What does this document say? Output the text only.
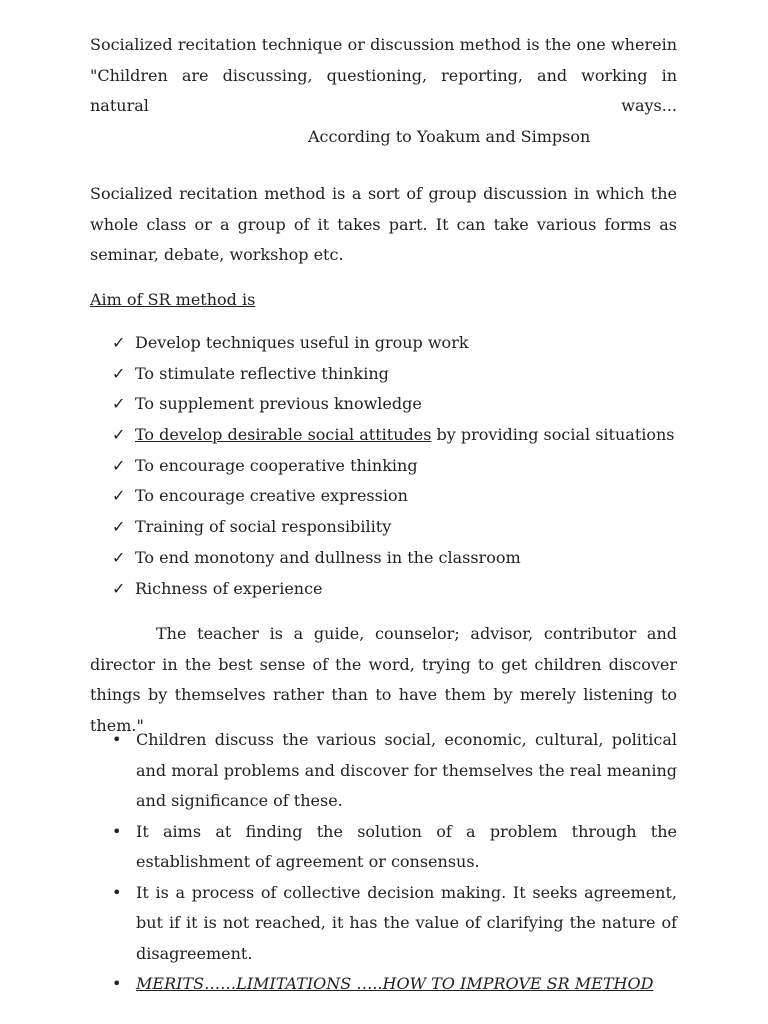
Socialized recitation technique or discussion method is the one wherein "Children are discussing, questioning, reporting, and working in natural ways... According to Yoakum and Simpson
Socialized recitation method is a sort of group discussion in which the whole class or a group of it takes part. It can take various forms as seminar, debate, workshop etc.
Aim of SR method is
✓ Develop techniques useful in group work
✓ To stimulate reflective thinking
✓ To supplement previous knowledge
✓ To develop desirable social attitudes by providing social situations
✓ To encourage cooperative thinking
✓ To encourage creative expression
✓ Training of social responsibility
✓ To end monotony and dullness in the classroom
✓ Richness of experience
The teacher is a guide, counselor; advisor, contributor and director in the best sense of the word, trying to get children discover things by themselves rather than to have them by merely listening to them."
• Children discuss the various social, economic, cultural, political and moral problems and discover for themselves the real meaning and significance of these.
• It aims at finding the solution of a problem through the establishment of agreement or consensus.
• It is a process of collective decision making. It seeks agreement, but if it is not reached, it has the value of clarifying the nature of disagreement.
• MERITS……LIMITATIONS …..HOW TO IMPROVE SR METHOD
